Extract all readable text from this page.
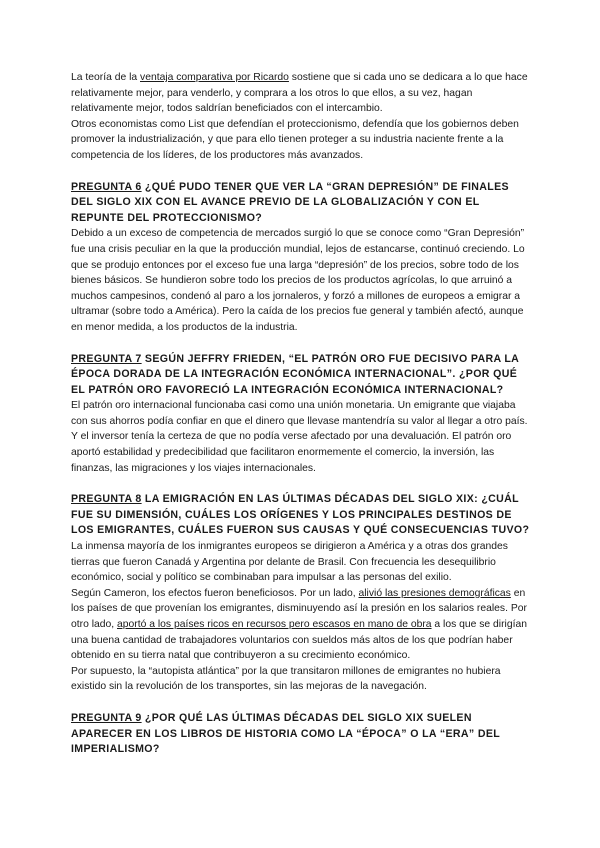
La teoría de la ventaja comparativa por Ricardo sostiene que si cada uno se dedicara a lo que hace relativamente mejor, para venderlo, y comprara a los otros lo que ellos, a su vez, hagan relativamente mejor, todos saldrían beneficiados con el intercambio.

Otros economistas como List que defendían el proteccionismo, defendía que los gobiernos deben promover la industrialización, y que para ello tienen proteger a su industria naciente frente a la competencia de los líderes, de los productores más avanzados.

PREGUNTA 6 ¿QUÉ PUDO TENER QUE VER LA “GRAN DEPRESIÓN” DE FINALES DEL SIGLO XIX CON EL AVANCE PREVIO DE LA GLOBALIZACIÓN Y CON EL REPUNTE DEL PROTECCIONISMO?

Debido a un exceso de competencia de mercados surgió lo que se conoce como “Gran Depresión” fue una crisis peculiar en la que la producción mundial, lejos de estancarse, continuó creciendo. Lo que se produjo entonces por el exceso fue una larga “depresión” de los precios, sobre todo de los bienes básicos. Se hundieron sobre todo los precios de los productos agrícolas, lo que arruinó a muchos campesinos, condenó al paro a los jornaleros, y forzó a millones de europeos a emigrar a ultramar (sobre todo a América). Pero la caída de los precios fue general y también afectó, aunque en menor medida, a los productos de la industria.

PREGUNTA 7 SEGÚN JEFFRY FRIEDEN, “EL PATRÓN ORO FUE DECISIVO PARA LA ÉPOCA DORADA DE LA INTEGRACIÓN ECONÓMICA INTERNACIONAL”. ¿POR QUÉ EL PATRÓN ORO FAVORECIÓ LA INTEGRACIÓN ECONÓMICA INTERNACIONAL?

El patrón oro internacional funcionaba casi como una unión monetaria. Un emigrante que viajaba con sus ahorros podía confiar en que el dinero que llevase mantendría su valor al llegar a otro país. Y el inversor tenía la certeza de que no podía verse afectado por una devaluación. El patrón oro aportó estabilidad y predecibilidad que facilitaron enormemente el comercio, la inversión, las finanzas, las migraciones y los viajes internacionales.

PREGUNTA 8 LA EMIGRACIÓN EN LAS ÚLTIMAS DÉCADAS DEL SIGLO XIX: ¿CUÁL FUE SU DIMENSIÓN, CUÁLES LOS ORÍGENES Y LOS PRINCIPALES DESTINOS DE LOS EMIGRANTES, CUÁLES FUERON SUS CAUSAS Y QUÉ CONSECUENCIAS TUVO?

La inmensa mayoría de los inmigrantes europeos se dirigieron a América y a otras dos grandes tierras que fueron Canadá y Argentina por delante de Brasil. Con frecuencia les desequilibrio económico, social y político se combinaban para impulsar a las personas del exilio.

Según Cameron, los efectos fueron beneficiosos. Por un lado, alivió las presiones demográficas en los países de que provenían los emigrantes, disminuyendo así la presión en los salarios reales. Por otro lado, aportó a los países ricos en recursos pero escasos en mano de obra a los que se dirigían una buena cantidad de trabajadores voluntarios con sueldos más altos de los que podrían haber obtenido en su tierra natal que contribuyeron a su crecimiento económico.

Por supuesto, la “autopista atlántica” por la que transitaron millones de emigrantes no hubiera existido sin la revolución de los transportes, sin las mejoras de la navegación.

PREGUNTA 9 ¿POR QUÉ LAS ÚLTIMAS DÉCADAS DEL SIGLO XIX SUELEN APARECER EN LOS LIBROS DE HISTORIA COMO LA “ÉPOCA” O LA “ERA” DEL IMPERIALISMO?
